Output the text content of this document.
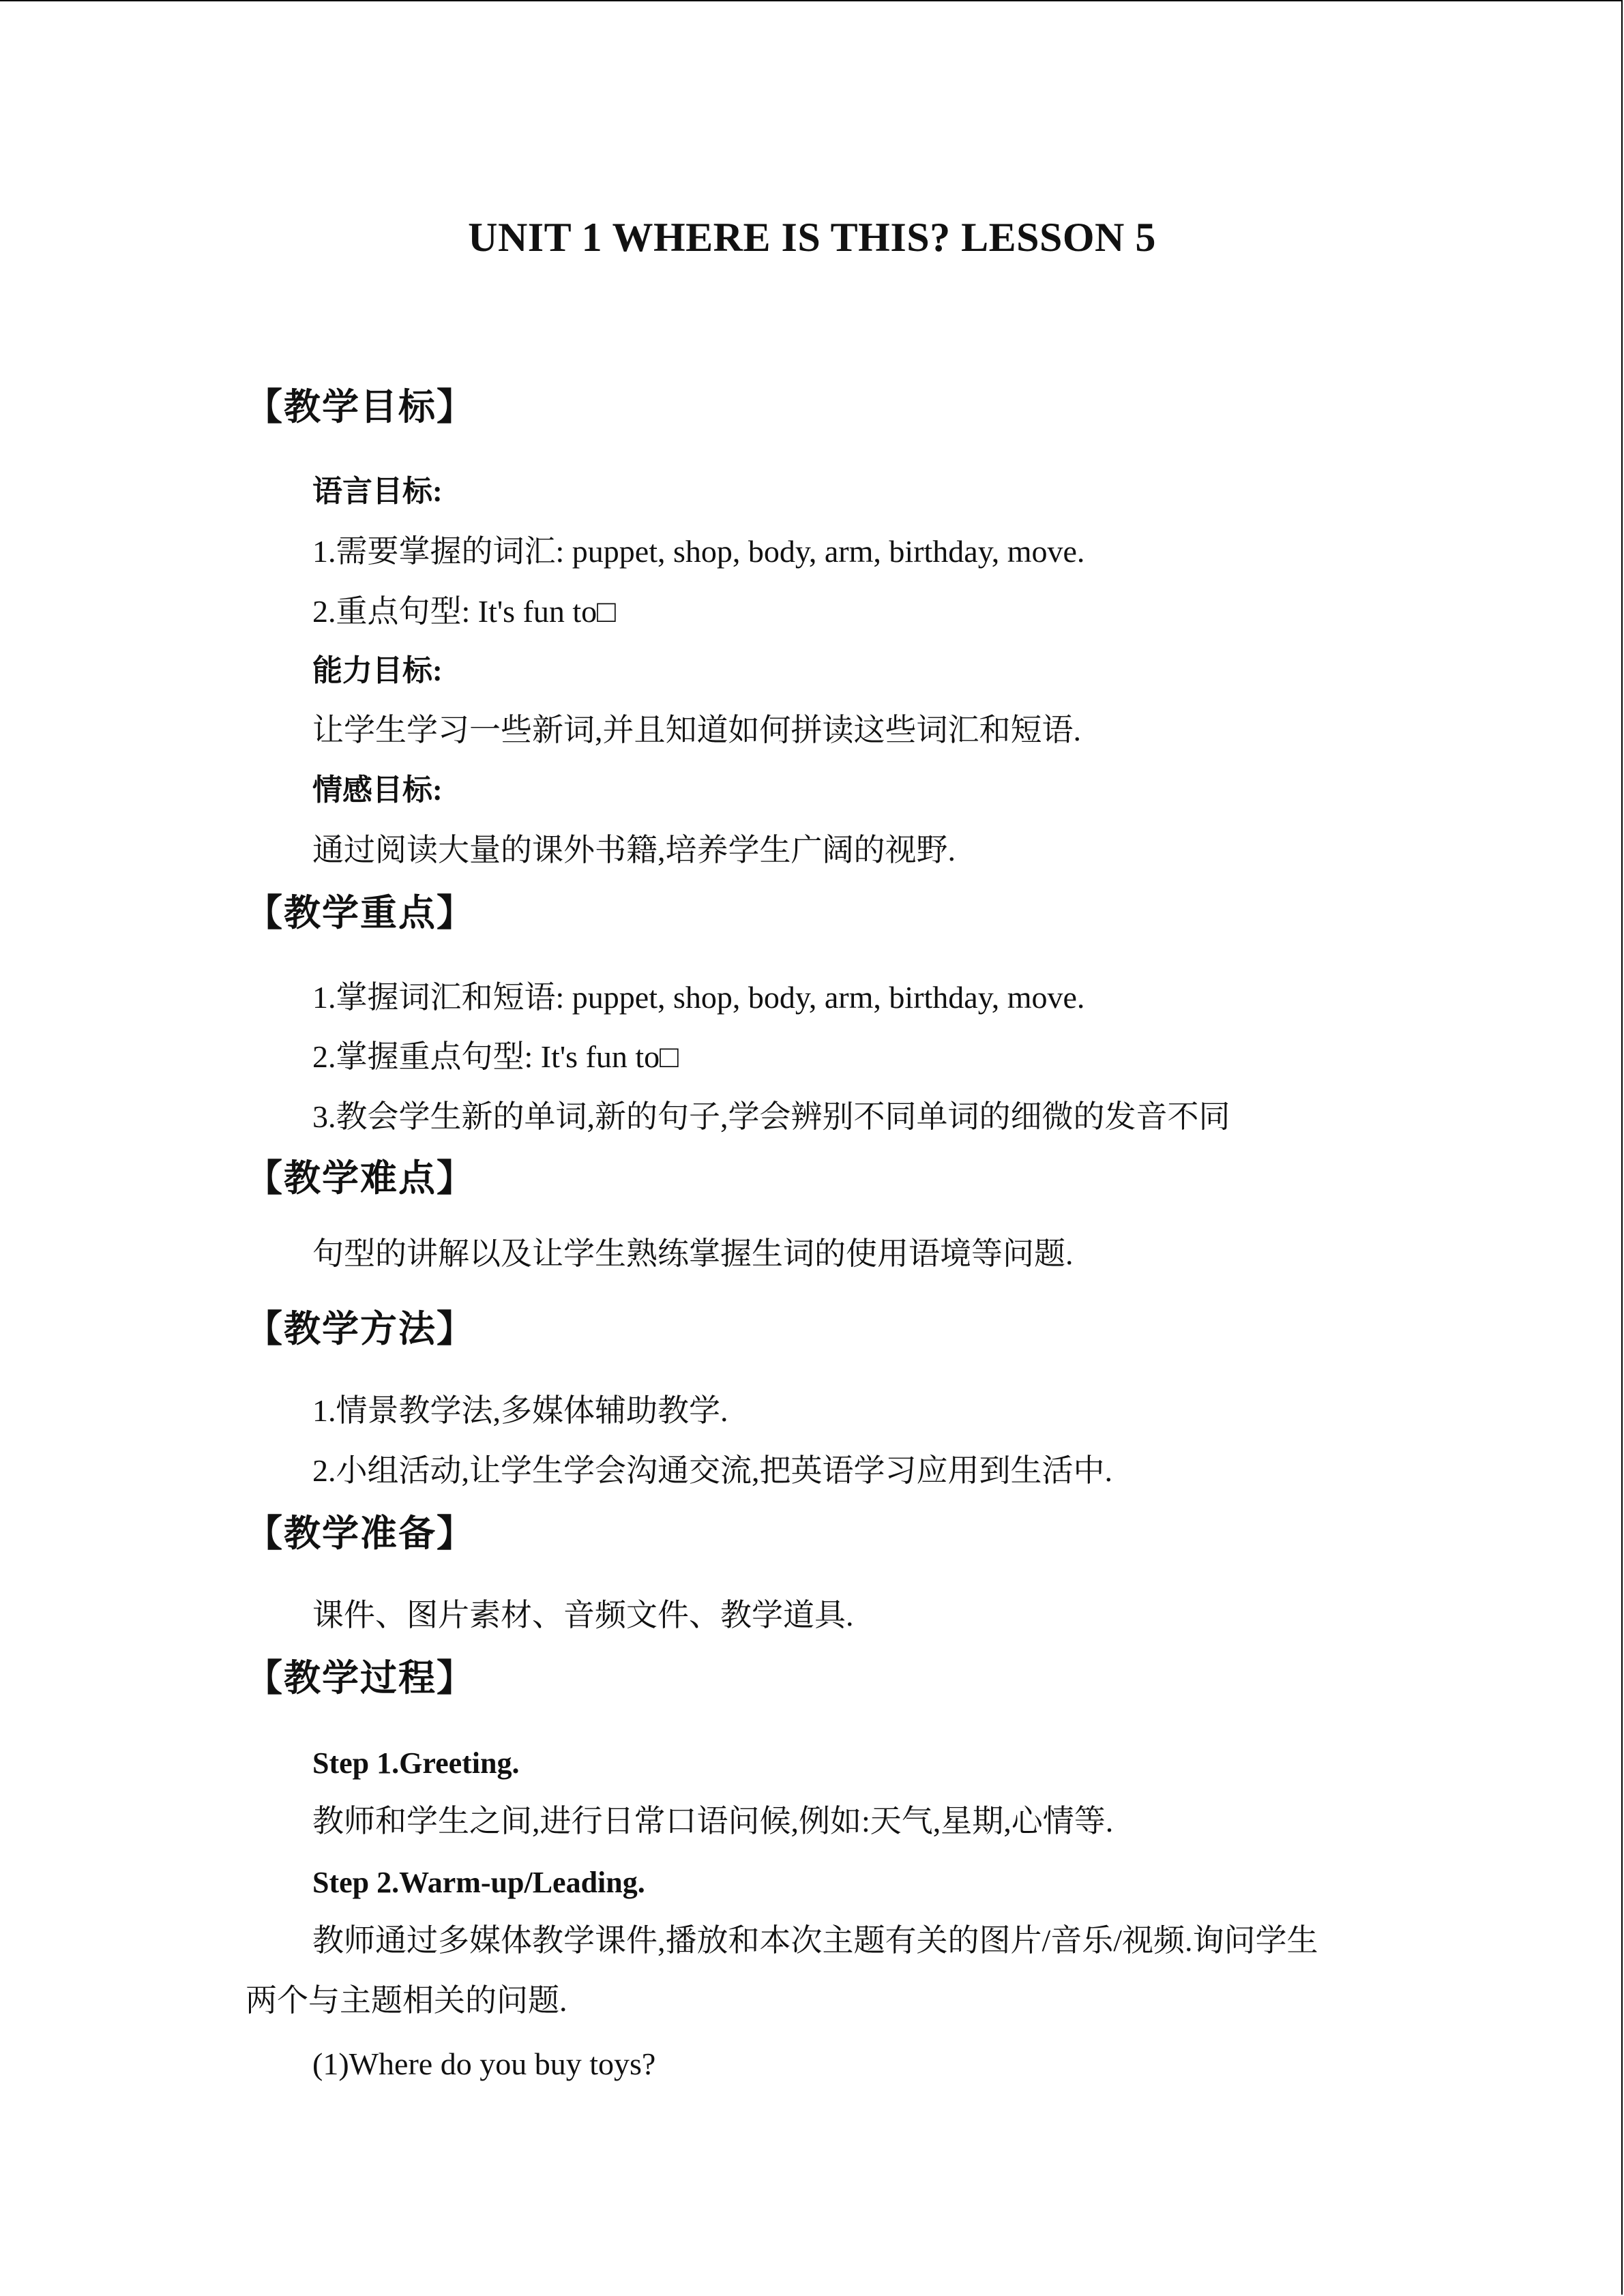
UNIT 1 WHERE IS THIS? LESSON 5
【教学目标】
语言目标:
1.需要掌握的词汇: puppet, shop, body, arm, birthday, move.
2.重点句型: It's fun to□
能力目标:
让学生学习一些新词,并且知道如何拼读这些词汇和短语.
情感目标:
通过阅读大量的课外书籍,培养学生广阔的视野.
【教学重点】
1.掌握词汇和短语: puppet, shop, body, arm, birthday, move.
2.掌握重点句型: It's fun to□
3.教会学生新的单词,新的句子,学会辨别不同单词的细微的发音不同
【教学难点】
句型的讲解以及让学生熟练掌握生词的使用语境等问题.
【教学方法】
1.情景教学法,多媒体辅助教学.
2.小组活动,让学生学会沟通交流,把英语学习应用到生活中.
【教学准备】
课件、图片素材、音频文件、教学道具.
【教学过程】
Step 1.Greeting.
教师和学生之间,进行日常口语问候,例如:天气,星期,心情等.
Step 2.Warm-up/Leading.
教师通过多媒体教学课件,播放和本次主题有关的图片/音乐/视频.询问学生
两个与主题相关的问题.
(1)Where do you buy toys?
